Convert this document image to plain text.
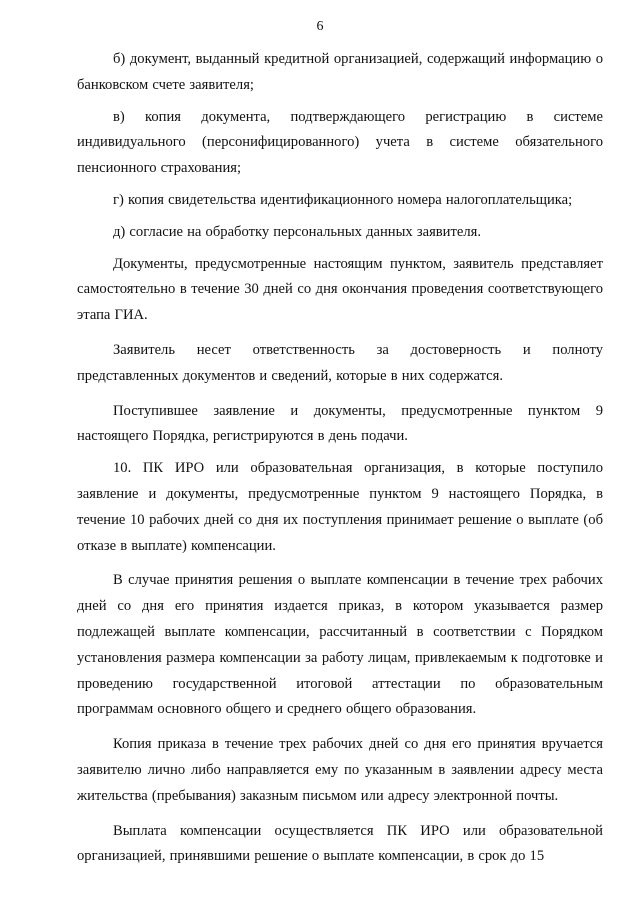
6

б) документ, выданный кредитной организацией, содержащий информацию о банковском счете заявителя;

в) копия документа, подтверждающего регистрацию в системе индивидуального (персонифицированного) учета в системе обязательного пенсионного страхования;

г) копия свидетельства идентификационного номера налогоплательщика;

д) согласие на обработку персональных данных заявителя.

Документы, предусмотренные настоящим пунктом, заявитель представляет самостоятельно в течение 30 дней со дня окончания проведения соответствующего этапа ГИА.

Заявитель несет ответственность за достоверность и полноту представленных документов и сведений, которые в них содержатся.

Поступившее заявление и документы, предусмотренные пунктом 9 настоящего Порядка, регистрируются в день подачи.

10. ПК ИРО или образовательная организация, в которые поступило заявление и документы, предусмотренные пунктом 9 настоящего Порядка, в течение 10 рабочих дней со дня их поступления принимает решение о выплате (об отказе в выплате) компенсации.

В случае принятия решения о выплате компенсации в течение трех рабочих дней со дня его принятия издается приказ, в котором указывается размер подлежащей выплате компенсации, рассчитанный в соответствии с Порядком установления размера компенсации за работу лицам, привлекаемым к подготовке и проведению государственной итоговой аттестации по образовательным программам основного общего и среднего общего образования.

Копия приказа в течение трех рабочих дней со дня его принятия вручается заявителю лично либо направляется ему по указанным в заявлении адресу места жительства (пребывания) заказным письмом или адресу электронной почты.

Выплата компенсации осуществляется ПК ИРО или образовательной организацией, принявшими решение о выплате компенсации, в срок до 15
